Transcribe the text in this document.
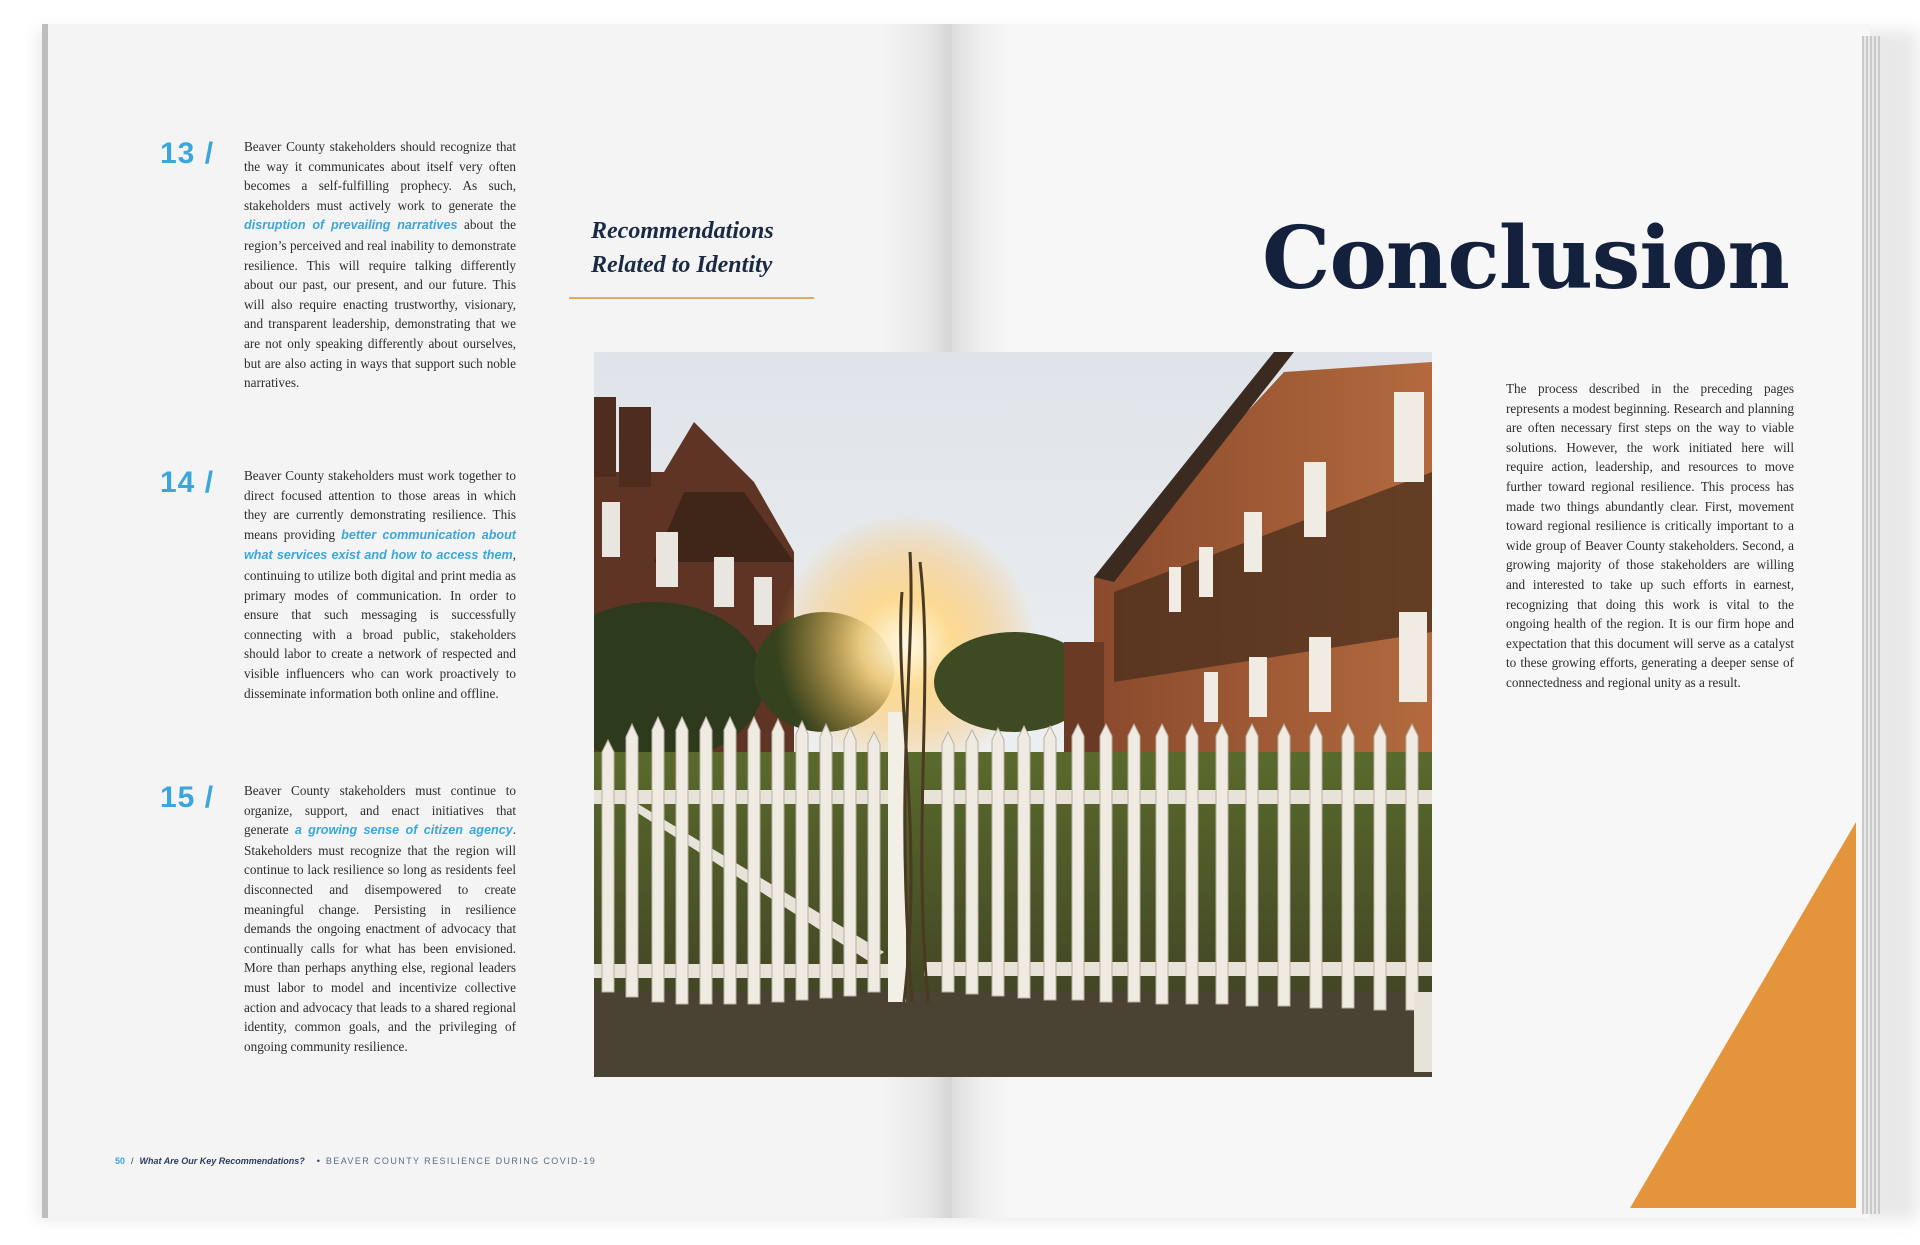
13 / Beaver County stakeholders should recognize that the way it communicates about itself very often becomes a self-fulfilling prophecy. As such, stakeholders must actively work to generate the disruption of prevailing narratives about the region’s perceived and real inability to demonstrate resilience. This will require talking differently about our past, our present, and our future. This will also require enacting trustworthy, visionary, and transparent leadership, demonstrating that we are not only speaking differently about ourselves, but are also acting in ways that support such noble narratives.

14 / Beaver County stakeholders must work together to direct focused attention to those areas in which they are currently demonstrating resilience. This means providing better communication about what services exist and how to access them, continuing to utilize both digital and print media as primary modes of communication. In order to ensure that such messaging is successfully connecting with a broad public, stakeholders should labor to create a network of respected and visible influencers who can work proactively to disseminate information both online and offline.

15 / Beaver County stakeholders must continue to organize, support, and enact initiatives that generate a growing sense of citizen agency. Stakeholders must recognize that the region will continue to lack resilience so long as residents feel disconnected and disempowered to create meaningful change. Persisting in resilience demands the ongoing enactment of advocacy that continually calls for what has been envisioned. More than perhaps anything else, regional leaders must labor to model and incentivize collective action and advocacy that leads to a shared regional identity, common goals, and the privileging of ongoing community resilience.

Recommendations
Related to Identity
50 / What Are Our Key Recommendations? • BEAVER COUNTY RESILIENCE DURING COVID-19
Conclusion

The process described in the preceding pages represents a modest beginning. Research and planning are often necessary first steps on the way to viable solutions. However, the work initiated here will require action, leadership, and resources to move further toward regional resilience. This process has made two things abundantly clear. First, movement toward regional resilience is critically important to a wide group of Beaver County stakeholders. Second, a growing majority of those stakeholders are willing and interested to take up such efforts in earnest, recognizing that doing this work is vital to the ongoing health of the region. It is our firm hope and expectation that this document will serve as a catalyst to these growing efforts, generating a deeper sense of connectedness and regional unity as a result.
